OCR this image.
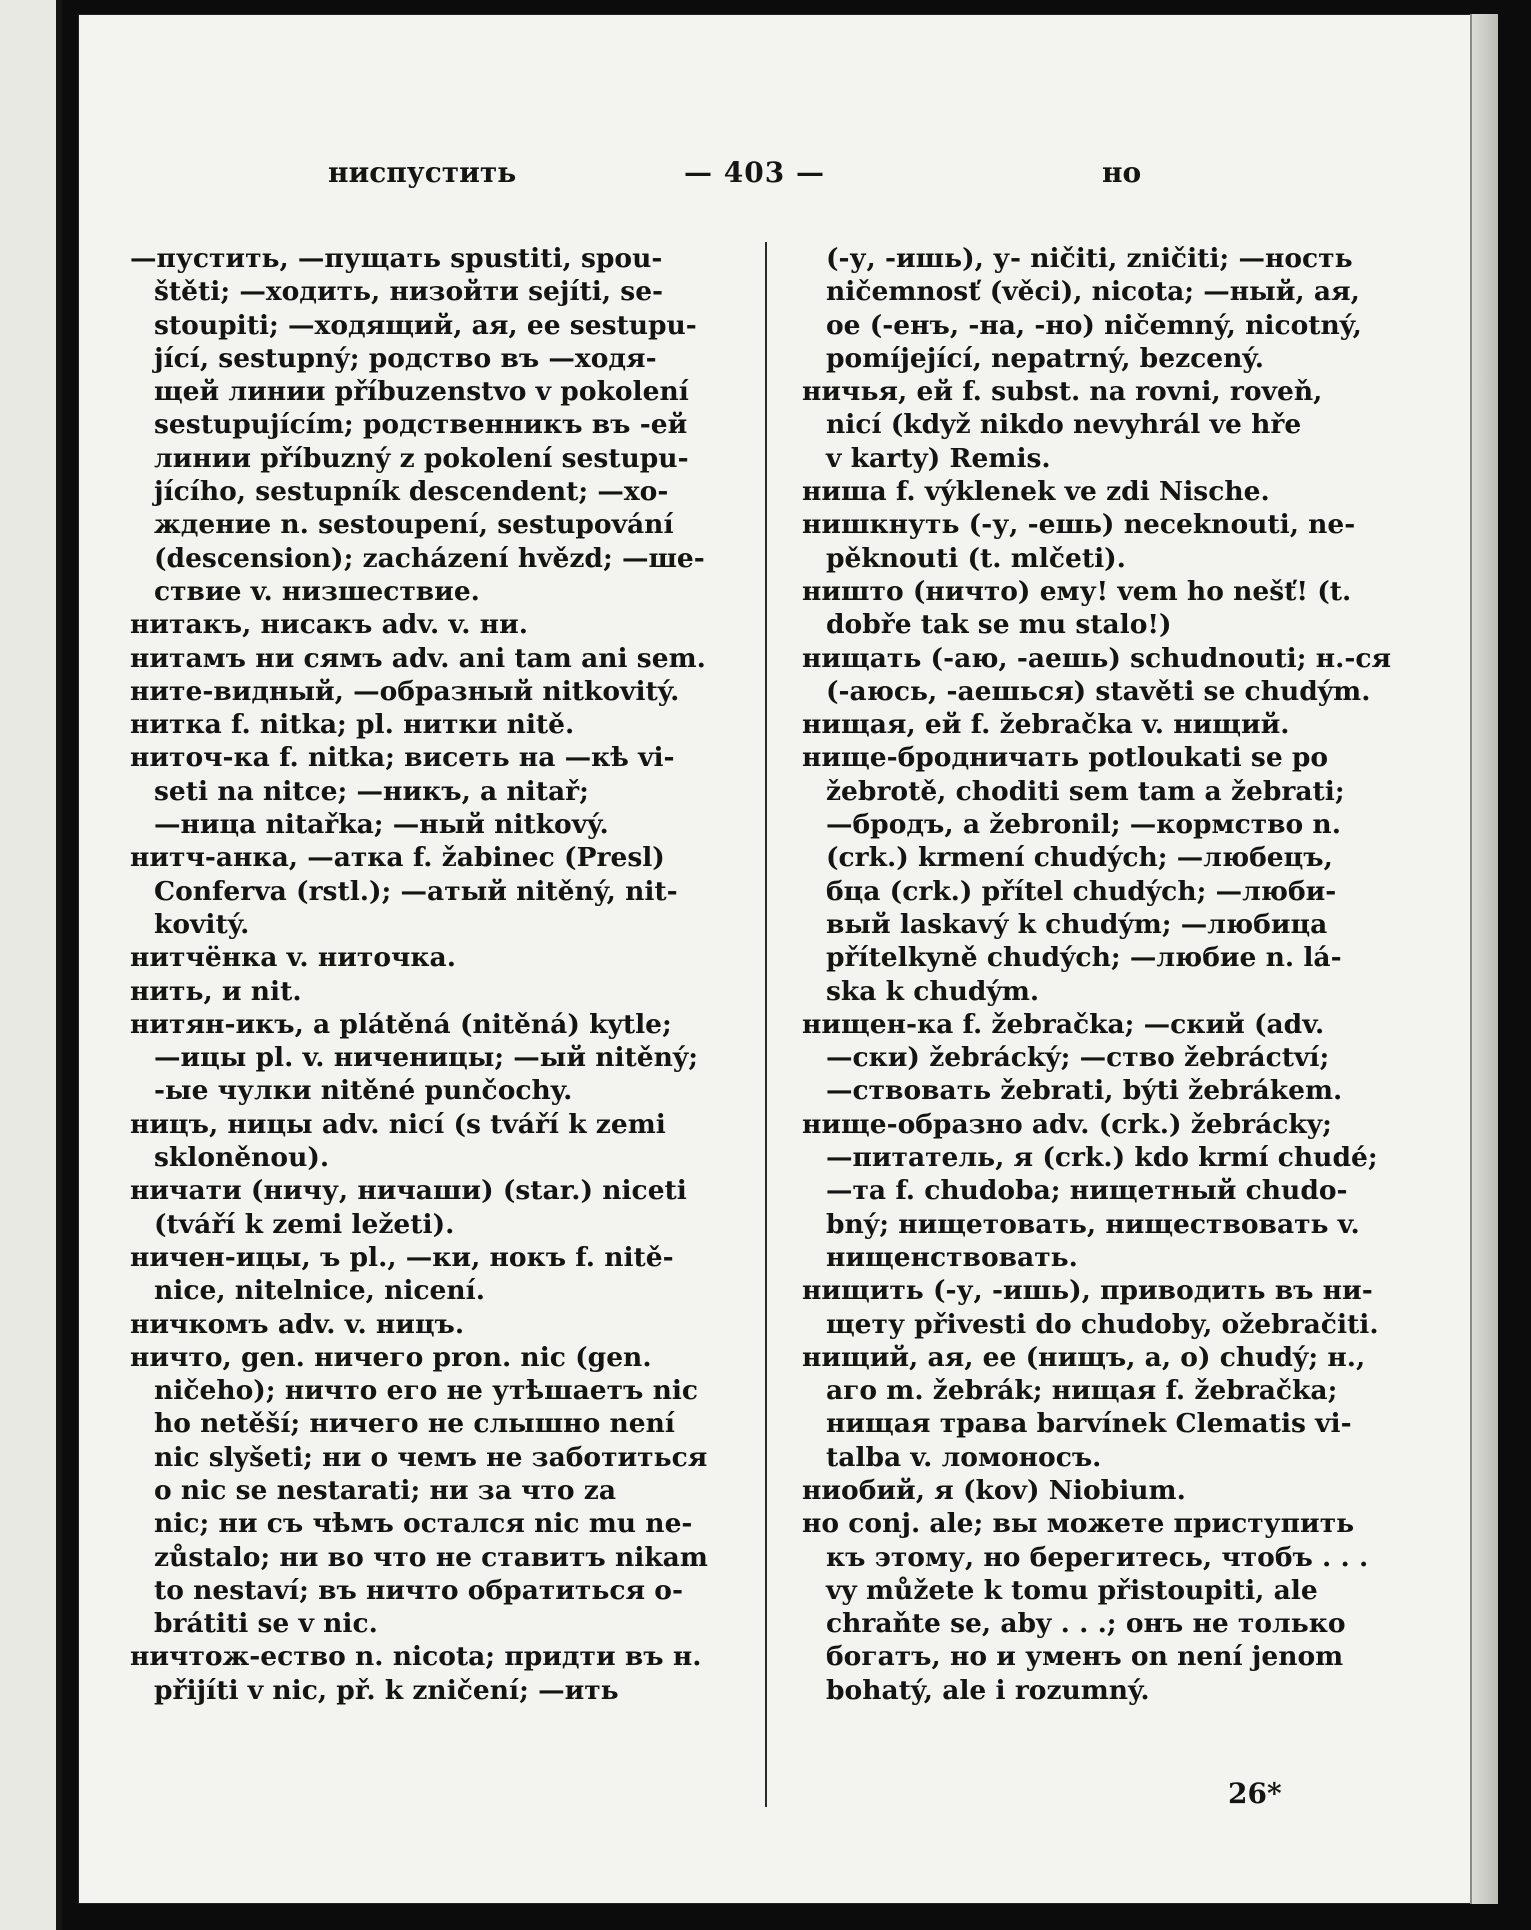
ниспустить	— 403 —	но
—пустить, —пущать spustiti, spou-
štěti; —ходить, низойти sejíti, se-
stoupiti; —ходящий, ая, ее sestupu-
jící, sestupný; родство въ —ходя-
щей линии příbuzenstvo v pokolení
sestupujícím; родственникъ въ -ей
линии příbuzný z pokolení sestupu-
jícího, sestupník descendent; —хо-
ждение n. sestoupení, sestupování
(descensiоn); zacházení hvězd; —ше-
ствие v. низшествие.
нитакъ, нисакъ adv. v. ни.
нитамъ ни сямъ adv. ani tam ani sem.
ните-видный, —образный nitkovitý.
нитка f. nitka; pl. нитки nitě.
ниточ-ка f. nitka; висеть на —кѣ vi-
seti na nitce; —никъ, a nitař;
—ница nitařka; —ный nitkový.
нитч-анка, —атка f. žabinec (Presl)
Conferva (rstl.); —атый nitěný, nit-
kovitý.
нитчёнка v. ниточка.
нить, и nit.
нитян-икъ, a plátěná (nitěná) kytle;
—ицы pl. v. ниченицы; —ый nitěný;
-ые чулки nitěné punčochy.
ницъ, ницы adv. nicí (s tváří k zemi
skloněnou).
ничати (ничу, ничаши) (star.) niceti
(tváří k zemi ležeti).
ничен-ицы, ъ pl., —ки, нокъ f. nitě-
nice, nitelnice, nicení.
ничкомъ adv. v. ницъ.
ничто, gen. ничего pron. nic (gen.
ničeho); ничто его не утѣшаетъ nic
ho netěší; ничего не слышно není
nic slyšeti; ни о чемъ не заботиться
o nic se nestarati; ни за что za
nic; ни съ чѣмъ остался nic mu ne-
zůstalo; ни во что не ставитъ nikam
to nestaví; въ ничто обратиться o-
brátiti se v nic.
ничтож-ество n. nicota; придти въ н.
přijíti v nic, př. k zničení; —ить
(-у, -ишь), у- ničiti, zničiti; —ность
ničemnosť (věci), nicota; —ный, ая,
ое (-енъ, -на, -но) ničemný, nicotný,
pomíjející, nepatrný, bezcený.
ничья, ей f. subst. na rovni, roveň,
nicí (když nikdo nevyhrál ve hře
v karty) Remis.
ниша f. výklenek ve zdi Nische.
нишкнуть (-у, -ешь) neceknouti, ne-
pěknouti (t. mlčeti).
ништо (ничто) ему! vem ho nešť! (t.
dobře tak se mu stalo!)
нищать (-аю, -аешь) schudnouti; н.-ся
(-аюсь, -аешься) stavěti se chudým.
нищая, ей f. žebračka v. нищий.
нище-бродничать potloukati se po
žebrotě, choditi sem tam a žebrati;
—бродъ, a žebronil; —кормство n.
(crk.) krmení chudých; —любецъ,
бца (crk.) přítel chudých; —люби-
вый laskavý k chudým; —любица
přítelkyně chudých; —любие n. lá-
ska k chudým.
нищен-ка f. žebračka; —ский (adv.
—ски) žebrácký; —ство žebráctví;
—ствовать žebrati, býti žebrákem.
нище-образно adv. (crk.) žebrácky;
—питатель, я (crk.) kdo krmí chudé;
—та f. chudoba; нищетный chudo-
bný; нищетовать, ниществовать v.
нищенствовать.
нищить (-у, -ишь), приводить въ ни-
щету přivesti do chudoby, ožebračiti.
нищий, ая, ее (нищъ, а, о) chudý; н.,
аго m. žebrák; нищая f. žebračka;
нищая трава barvínek Clematis vi-
talba v. ломоносъ.
ниобий, я (kov) Niobium.
но conj. ale; вы можете приступить
къ этому, но берегитесь, чтобъ . . .
vy můžete k tomu přistoupiti, ale
chraňte se, aby . . .; онъ не только
богатъ, но и уменъ on není jenom
bohatý, ale i rozumný.
26*
